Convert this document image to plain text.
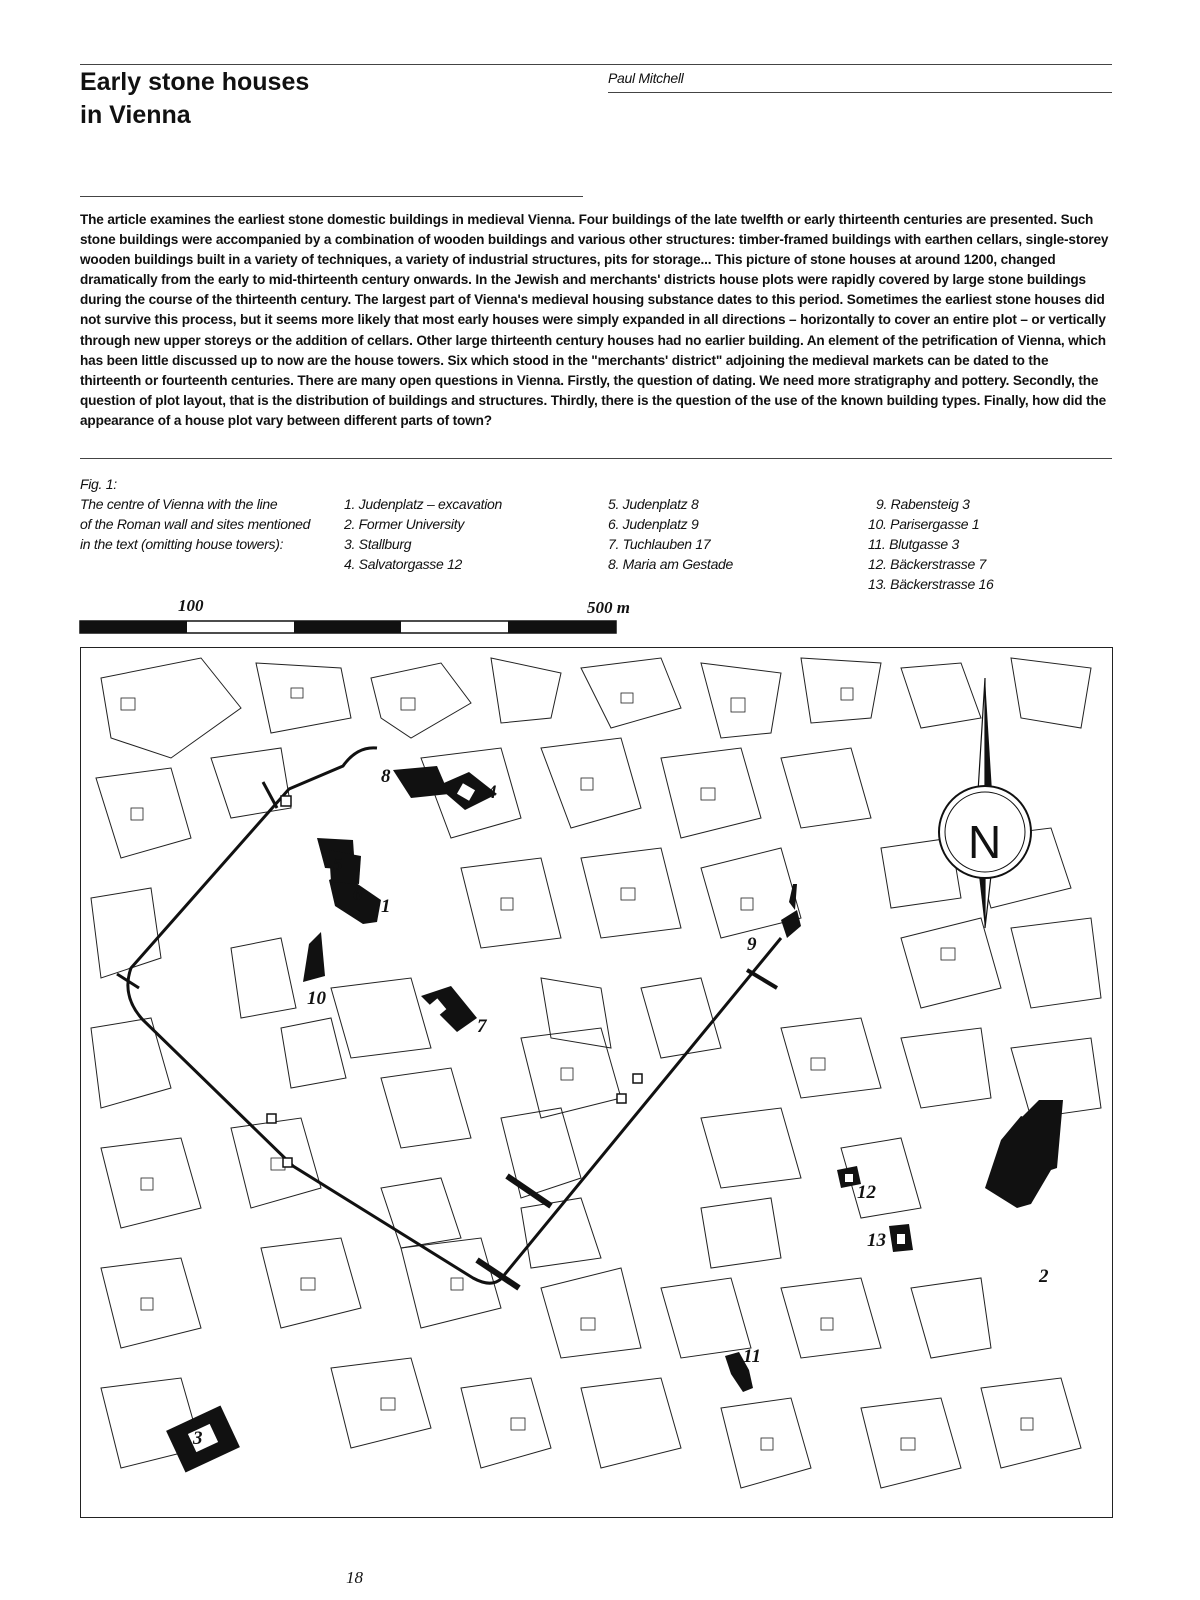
Early stone houses
in Vienna
Paul Mitchell

The article examines the earliest stone domestic buildings in medieval Vienna. Four buildings of the late twelfth or early thirteenth centuries are presented. Such stone buildings were accompanied by a combination of wooden buildings and various other structures: timber-framed buildings with earthen cellars, single-storey wooden buildings built in a variety of techniques, a variety of industrial structures, pits for storage... This picture of stone houses at around 1200, changed dramatically from the early to mid-thirteenth century onwards. In the Jewish and merchants' districts house plots were rapidly covered by large stone buildings during the course of the thirteenth century. The largest part of Vienna's medieval housing substance dates to this period. Sometimes the earliest stone houses did not survive this process, but it seems more likely that most early houses were simply expanded in all directions – horizontally to cover an entire plot – or vertically through new upper storeys or the addition of cellars. Other large thirteenth century houses had no earlier building. An element of the petrification of Vienna, which has been little discussed up to now are the house towers. Six which stood in the "merchants' district" adjoining the medieval markets can be dated to the thirteenth or fourteenth centuries. There are many open questions in Vienna. Firstly, the question of dating. We need more stratigraphy and pottery. Secondly, the question of plot layout, that is the distribution of buildings and structures. Thirdly, there is the question of the use of the known building types. Finally, how did the appearance of a house plot vary between different parts of town?

Fig. 1:
The centre of Vienna with the line
of the Roman wall and sites mentioned
in the text (omitting house towers):
1. Judenplatz – excavation
2. Former University
3. Stallburg
4. Salvatorgasse 12
5. Judenplatz 8
6. Judenplatz 9
7. Tuchlauben 17
8. Maria am Gestade
9. Rabensteig 3
10. Parisergasse 1
11. Blutgasse 3
12. Bäckerstrasse 7
13. Bäckerstrasse 16
100	500 m
1
2
3
4
5
6
7
8
9
10
11
12
13
N
18
